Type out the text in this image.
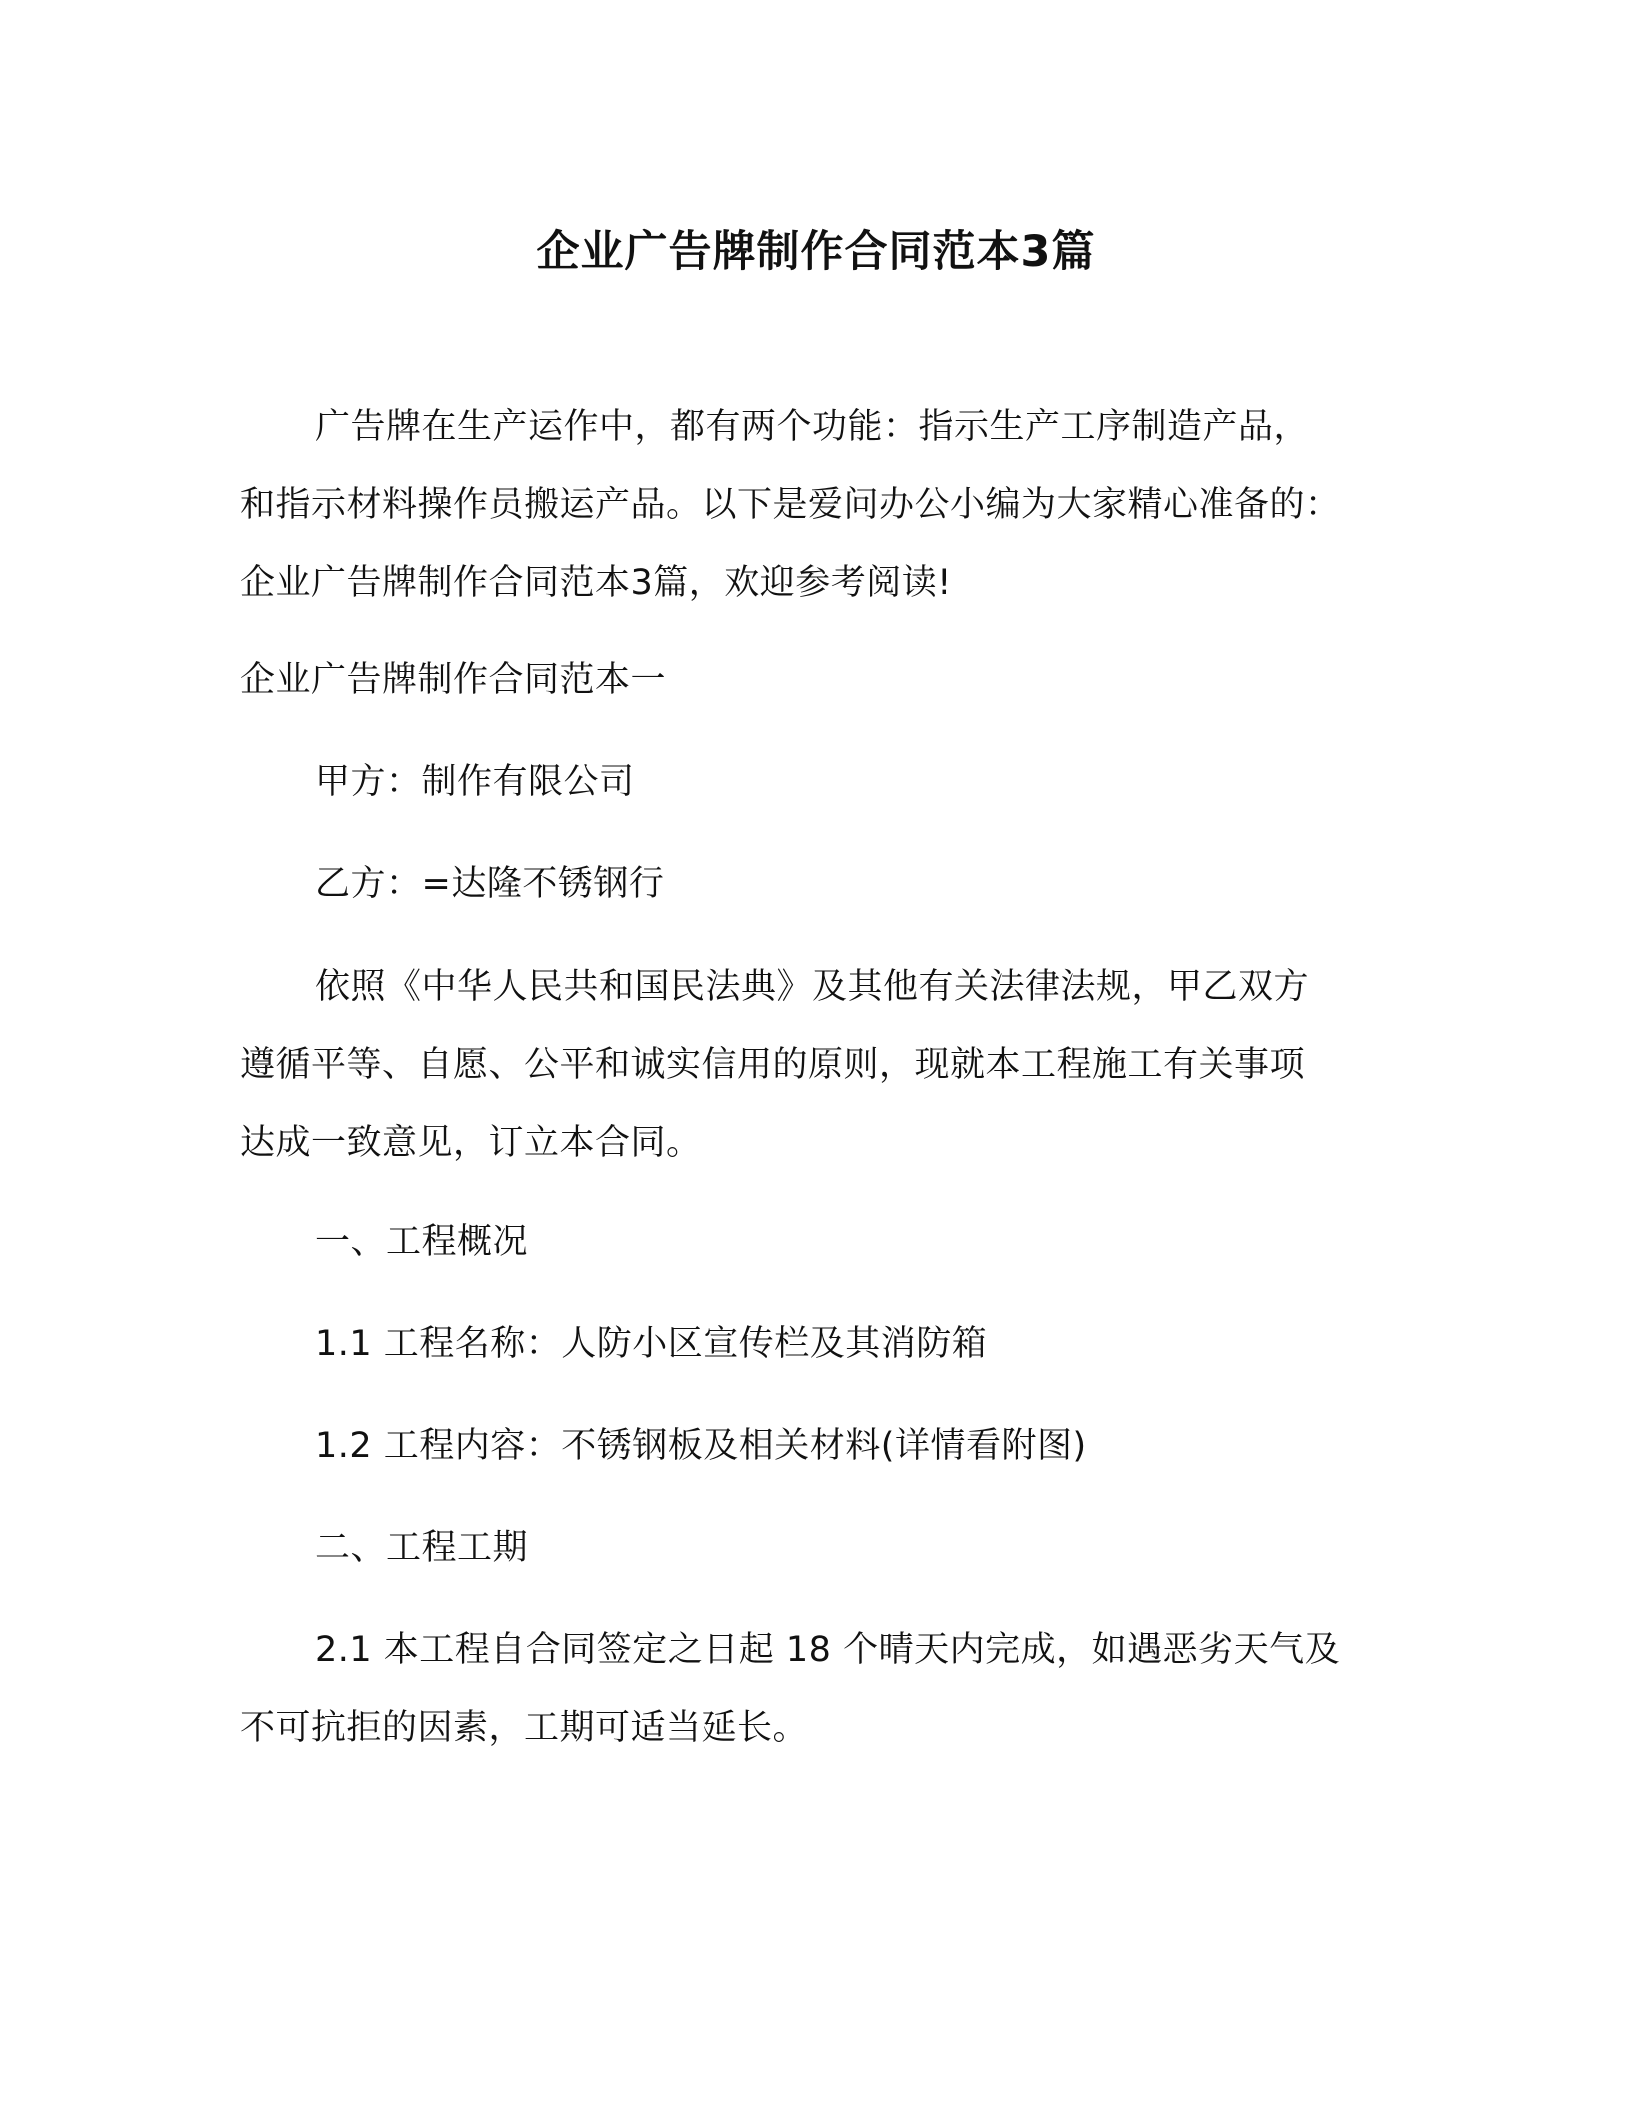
企业广告牌制作合同范本3篇
广告牌在生产运作中，都有两个功能：指示生产工序制造产品，
和指示材料操作员搬运产品。以下是爱问办公小编为大家精心准备的：
企业广告牌制作合同范本3篇，欢迎参考阅读!
企业广告牌制作合同范本一
甲方：制作有限公司
乙方：=达隆不锈钢行
依照《中华人民共和国民法典》及其他有关法律法规，甲乙双方
遵循平等、自愿、公平和诚实信用的原则，现就本工程施工有关事项
达成一致意见，订立本合同。
一、工程概况
1.1 工程名称：人防小区宣传栏及其消防箱
1.2 工程内容：不锈钢板及相关材料(详情看附图)
二、工程工期
2.1 本工程自合同签定之日起 18 个晴天内完成，如遇恶劣天气及
不可抗拒的因素，工期可适当延长。
